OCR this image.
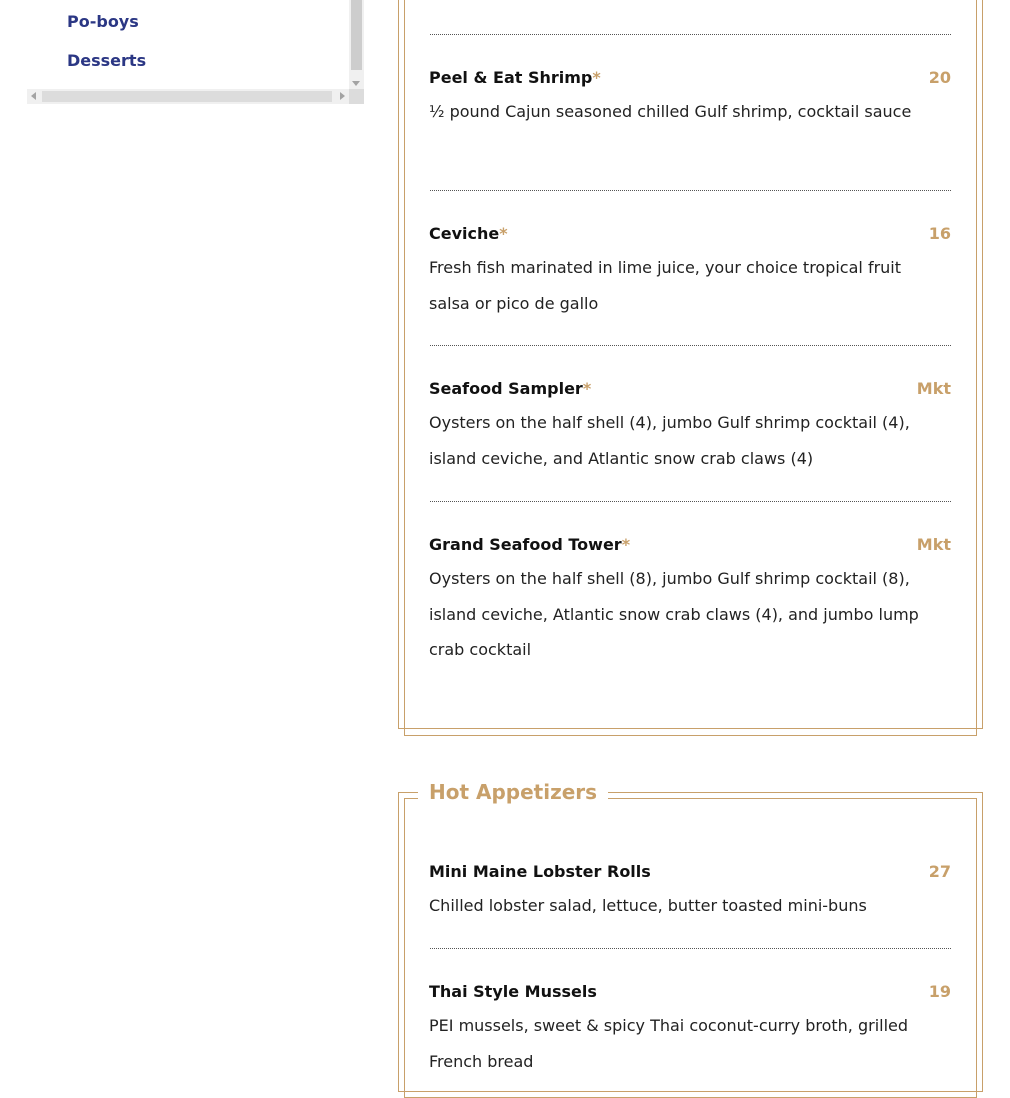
Po-boys
Desserts
Peel & Eat Shrimp*	20
½ pound Cajun seasoned chilled Gulf shrimp, cocktail sauce
Ceviche*	16
Fresh fish marinated in lime juice, your choice tropical fruit salsa or pico de gallo
Seafood Sampler*	Mkt
Oysters on the half shell (4), jumbo Gulf shrimp cocktail (4), island ceviche, and Atlantic snow crab claws (4)
Grand Seafood Tower*	Mkt
Oysters on the half shell (8), jumbo Gulf shrimp cocktail (8), island ceviche, Atlantic snow crab claws (4), and jumbo lump crab cocktail
Hot Appetizers
Mini Maine Lobster Rolls	27
Chilled lobster salad, lettuce, butter toasted mini-buns
Thai Style Mussels	19
PEI mussels, sweet & spicy Thai coconut-curry broth, grilled French bread
